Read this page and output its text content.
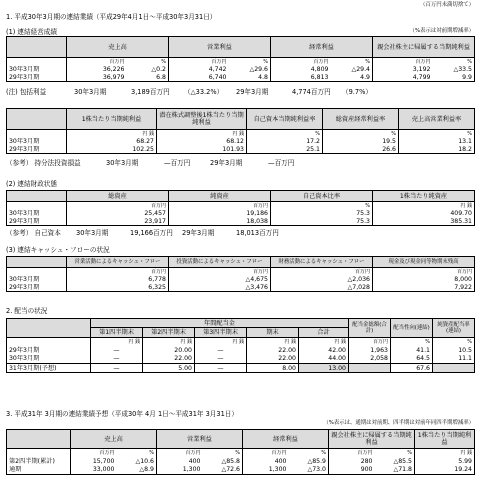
（百万円未満切捨て）
1. 平成30年3月期の連結業績（平成29年4月1日～平成30年3月31日）
(1) 連結経営成績	（%表示は対前期増減率）
	売上高		営業利益		経常利益		親会社株主に帰属する当期純利益	
	百万円	%	百万円	%	百万円	%	百万円	%
30年3月期	36,226	△0.2	4,742	△29.6	4,809	△29.4	3,192	△33.5
29年3月期	36,979	6.8	6,740	4.8	6,813	4.9	4,799	9.9
(注) 包括利益	30年3月期	3,189百万円 （△33.2%） 29年3月期	4,774百万円 （9.7%）
	1株当たり当期純利益	潜在株式調整後1株当たり当期純利益	自己資本当期純利益率	総資産経常利益率	売上高営業利益率
	円 銭	円 銭	%	%	%
30年3月期	68.27	68.12	17.2	19.5	13.1
29年3月期	102.25	101.93	25.1	26.6	18.2
（参考） 持分法投資損益	30年3月期	—百万円	29年3月期	—百万円
(2) 連結財政状態
	総資産	純資産	自己資本比率	1株当たり純資産
	百万円	百万円	%	円 銭
30年3月期	25,457	19,186	75.3	409.70
29年3月期	23,917	18,038	75.3	385.31
（参考） 自己資本 30年3月期	19,166百万円 29年3月期	18,013百万円
(3) 連結キャッシュ・フローの状況
	営業活動によるキャッシュ・フロー	投資活動によるキャッシュ・フロー	財務活動によるキャッシュ・フロー	現金及び現金同等物期末残高
	百万円	百万円	百万円	百万円
30年3月期	6,778	△4,675	△2,036	8,000
29年3月期	6,325	△3,476	△7,028	7,922
2. 配当の状況
	年間配当金					配当金総額(合計)	配当性向(連結)	純資産配当率(連結)
	第1四半期末	第2四半期末	第3四半期末	期末	合計			
	円 銭	円 銭	円 銭	円 銭	円 銭	百万円	%	%
29年3月期	—	20.00	—	22.00	42.00	1,963	41.1	10.5
30年3月期	—	22.00	—	22.00	44.00	2,058	64.5	11.1
31年3月期(予想)	—	5.00	—	8.00	13.00		67.6	
3. 平成31年 3月期の連結業績予想（平成30年 4月 1日～平成31年 3月31日）
（%表示は、通期は対前期、四半期は対前年同四半期増減率）
	売上高		営業利益		経常利益		親会社株主に帰属する当期純利益		1株当たり当期純利益
	百万円	%	百万円	%	百万円	%	百万円	%	円 銭
第2四半期(累計)	15,700	△10.6	400	△85.8	400	△85.9	280	△85.5	5.99
通期	33,000	△8.9	1,300	△72.6	1,300	△73.0	900	△71.8	19.24
